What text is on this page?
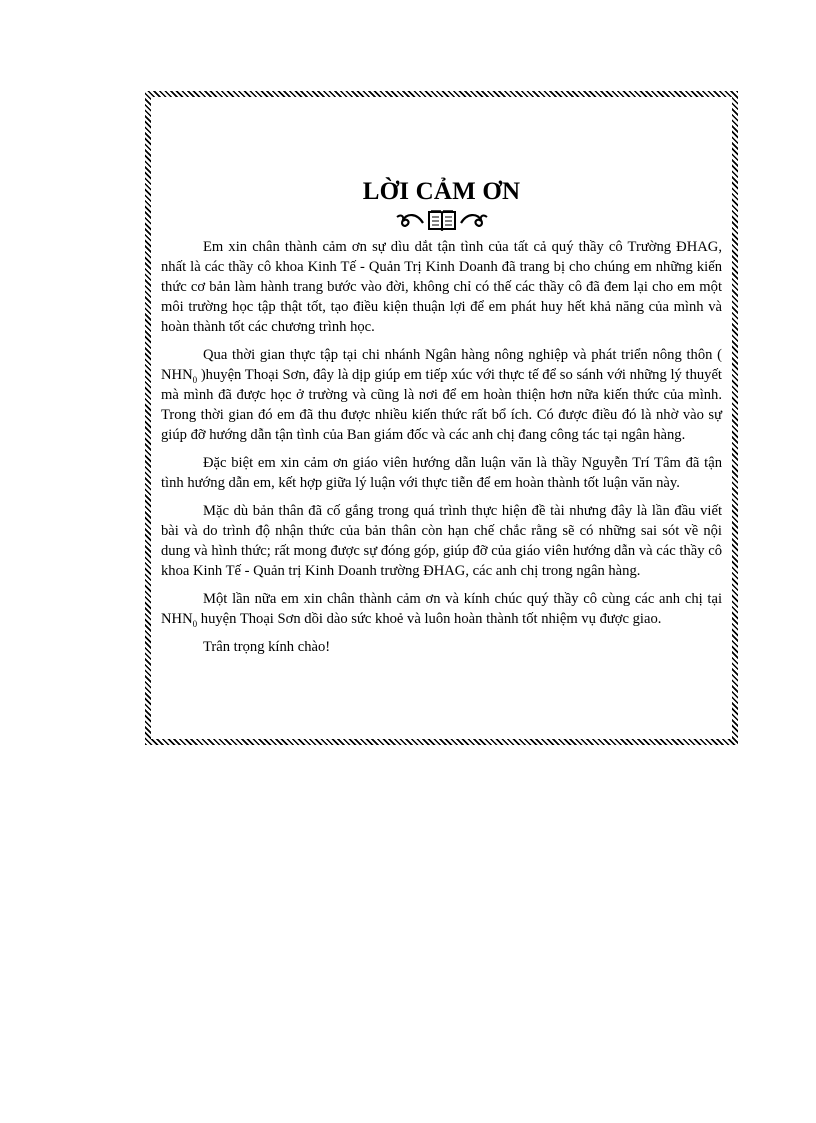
LỜI CẢM ƠN

Em xin chân thành cảm ơn sự dìu dắt tận tình của tất cả quý thầy cô Trường ĐHAG, nhất là các thầy cô khoa Kinh Tế - Quản Trị Kinh Doanh đã trang bị cho chúng em những kiến thức cơ bản làm hành trang bước vào đời, không chỉ có thế các thầy cô đã đem lại cho em một môi trường học tập thật tốt, tạo điều kiện thuận lợi để em phát huy hết khả năng của mình và hoàn thành tốt các chương trình học.

Qua thời gian thực tập tại chi nhánh Ngân hàng nông nghiệp và phát triển nông thôn ( $NHN_0$ )huyện Thoại Sơn, đây là dịp giúp em tiếp xúc với thực tế để so sánh với những lý thuyết mà mình đã được học ở trường và cũng là nơi để em hoàn thiện hơn nữa kiến thức của mình. Trong thời gian đó em đã thu được nhiều kiến thức rất bổ ích. Có được điều đó là nhờ vào sự giúp đỡ hướng dẫn tận tình của Ban giám đốc và các anh chị đang công tác tại ngân hàng.

Đặc biệt em xin cảm ơn giáo viên hướng dẫn luận văn là thầy Nguyễn Trí Tâm đã tận tình hướng dẫn em, kết hợp giữa lý luận với thực tiễn để em hoàn thành tốt luận văn này.

Mặc dù bản thân đã cố gắng trong quá trình thực hiện đề tài nhưng đây là lần đầu viết bài và do trình độ nhận thức của bản thân còn hạn chế chắc rằng sẽ có những sai sót về nội dung và hình thức; rất mong được sự đóng góp, giúp đỡ của giáo viên hướng dẫn và các thầy cô khoa Kinh Tế - Quản trị Kinh Doanh trường ĐHAG, các anh chị trong ngân hàng.

Một lần nữa em xin chân thành cảm ơn và kính chúc quý thầy cô cùng các anh chị tại $NHN_0$ huyện Thoại Sơn dồi dào sức khoẻ và luôn hoàn thành tốt nhiệm vụ được giao.

Trân trọng kính chào!
